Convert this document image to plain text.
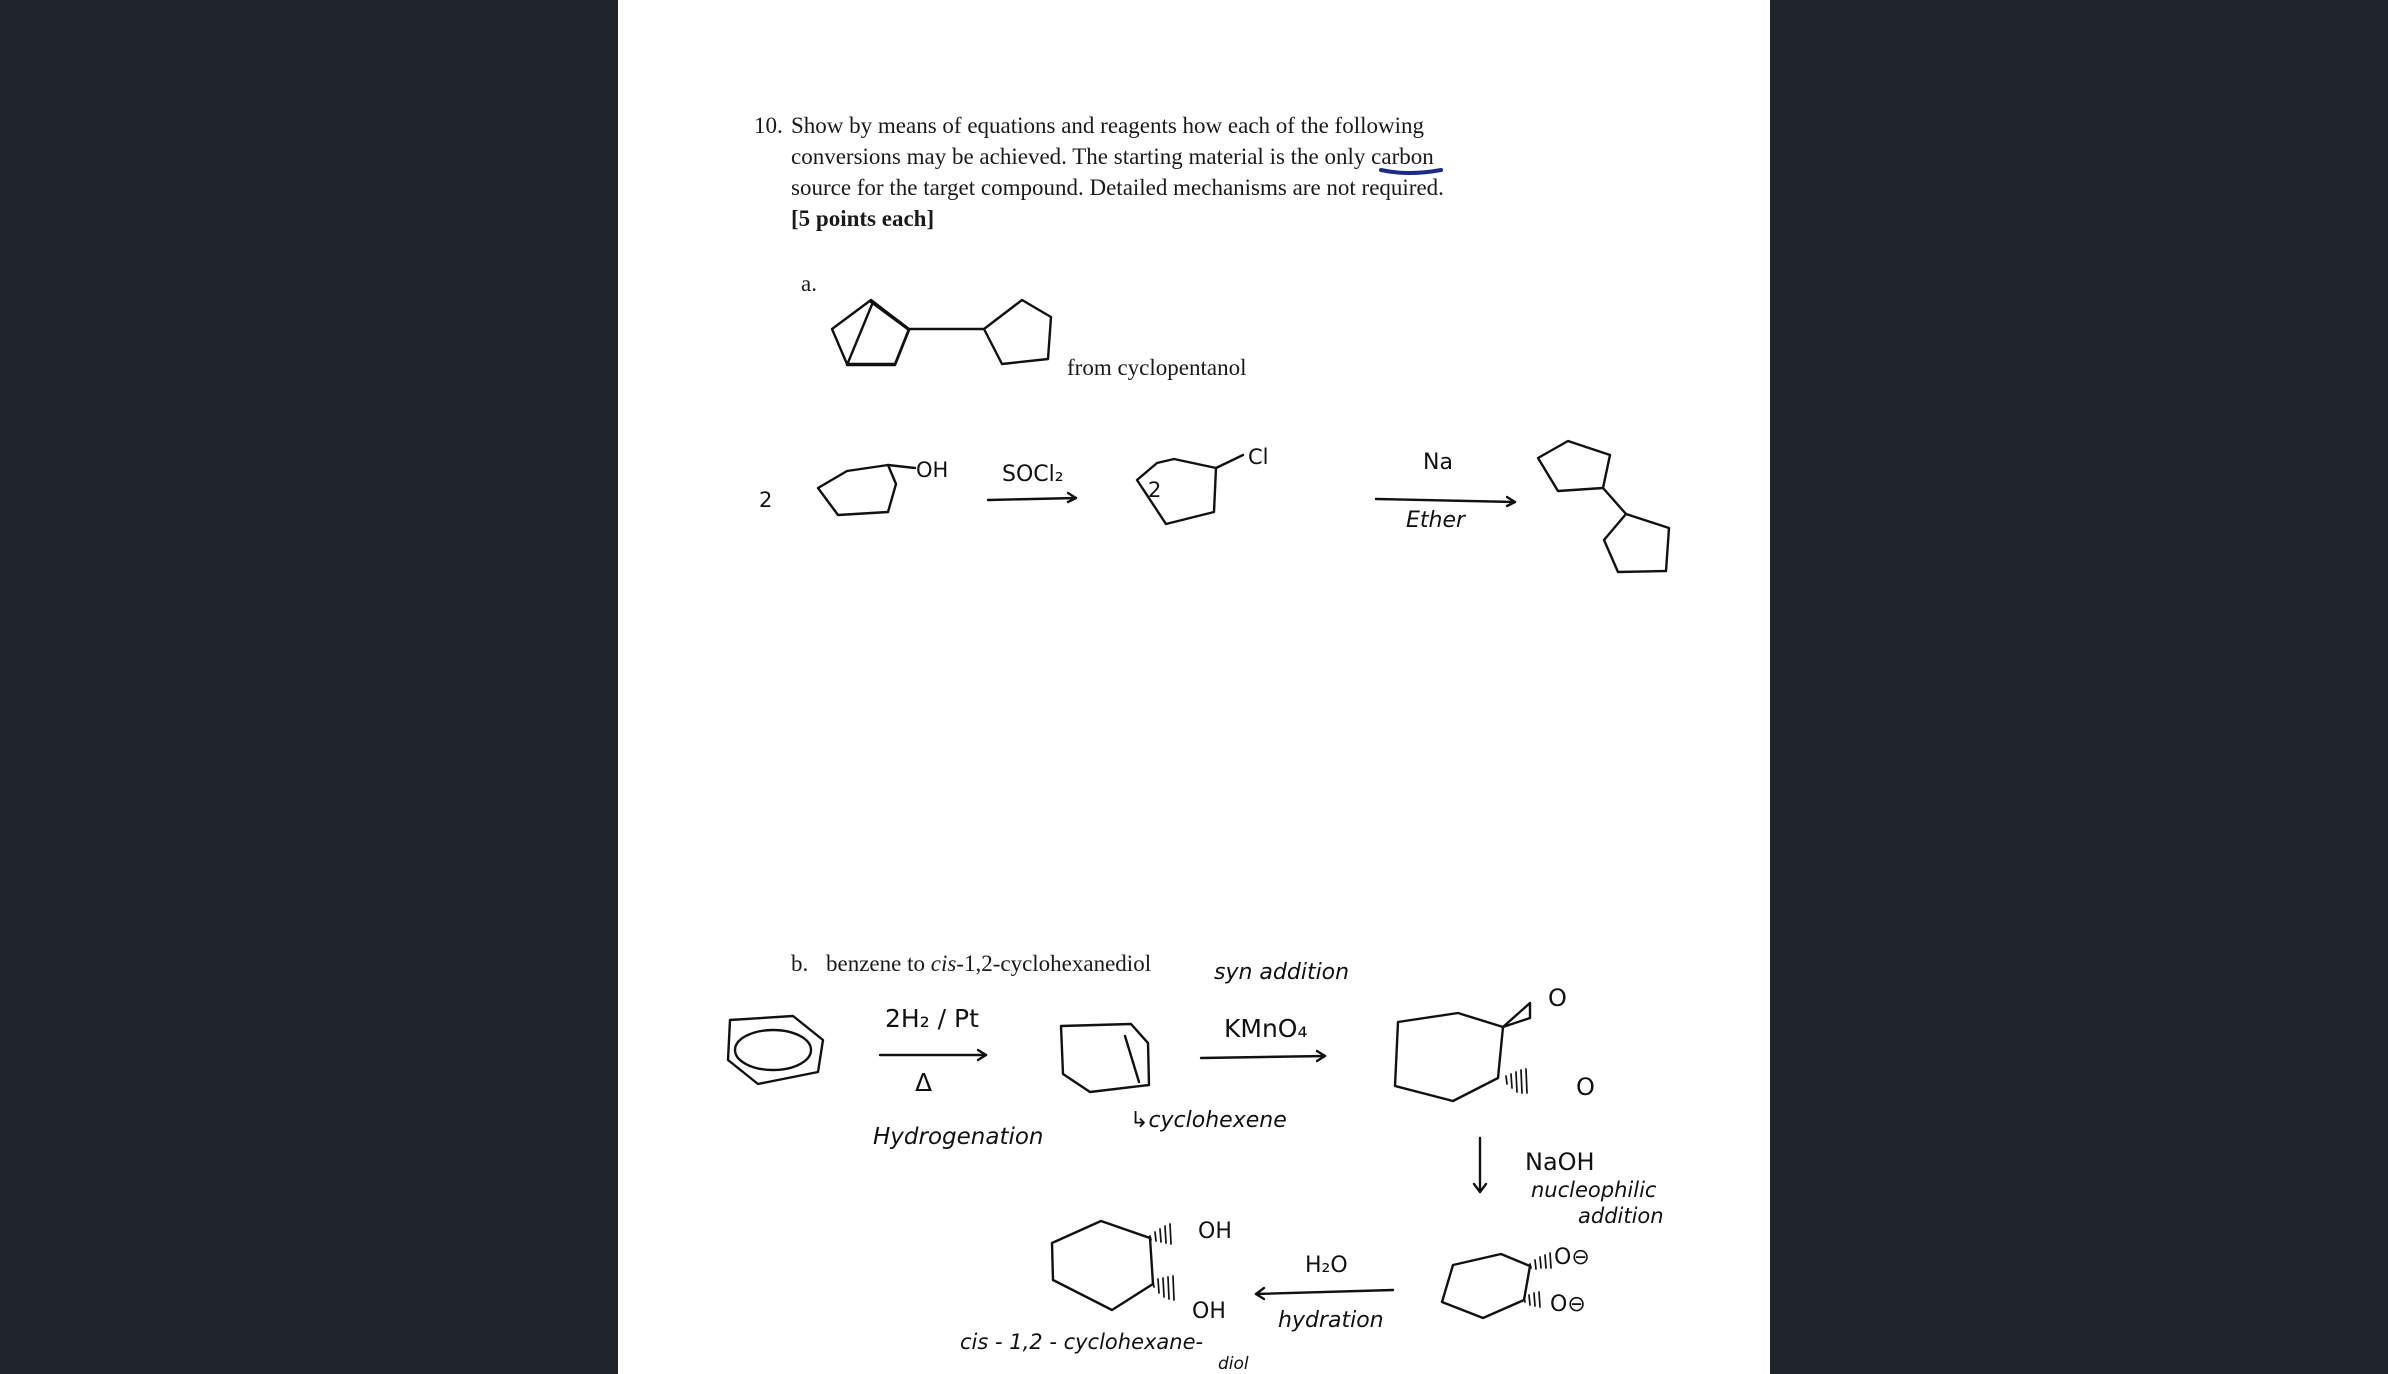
10. Show by means of equations and reagents how each of the following
conversions may be achieved. The starting material is the only carbon
source for the target compound. Detailed mechanisms are not required.
[5 points each]
a.
from cyclopentanol
b. benzene to cis-1,2-cyclohexanediol
2
OH SOCl₂
2
Cl	Na
Ether
2H₂ / Pt
Δ
Hydrogenation
↳cyclohexene
syn addition
KMnO₄
O
O
NaOH
nucleophilic
addition
O⊖
O⊖
H₂O
hydration
OH
OH
cis - 1,2 - cyclohexane-
diol
